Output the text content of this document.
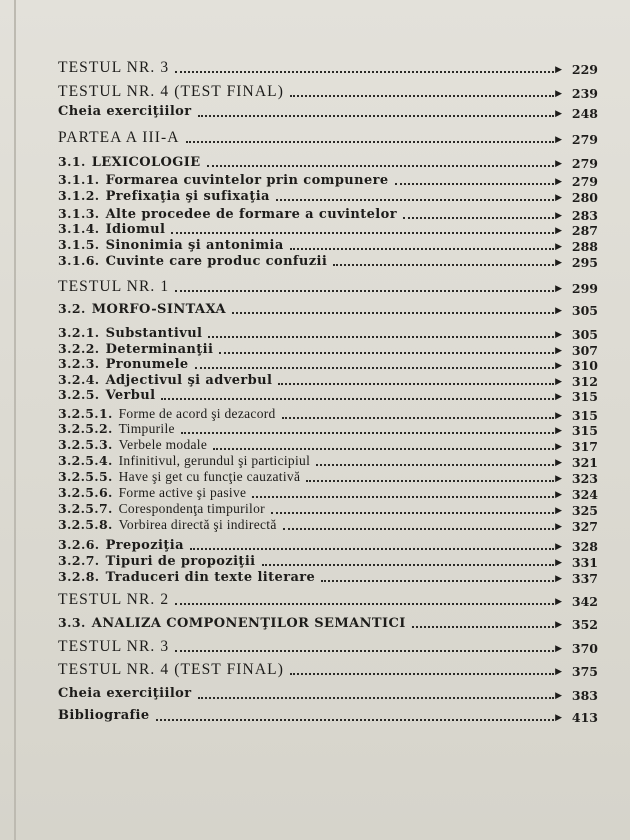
TESTUL NR. 3	▶ 229
TESTUL NR. 4 (TEST FINAL)	▶ 239
Cheia exerciţiilor	▶ 248
PARTEA A III-A	▶ 279
3.1. LEXICOLOGIE	▶ 279
3.1.1. Formarea cuvintelor prin compunere	▶ 279
3.1.2. Prefixaţia şi sufixaţia	▶ 280
3.1.3. Alte procedee de formare a cuvintelor	▶ 283
3.1.4. Idiomul	▶ 287
3.1.5. Sinonimia şi antonimia	▶ 288
3.1.6. Cuvinte care produc confuzii	▶ 295
TESTUL NR. 1	▶ 299
3.2. MORFO-SINTAXA	▶ 305
3.2.1. Substantivul	▶ 305
3.2.2. Determinanţii	▶ 307
3.2.3. Pronumele	▶ 310
3.2.4. Adjectivul şi adverbul	▶ 312
3.2.5. Verbul	▶ 315
3.2.5.1. Forme de acord şi dezacord	▶ 315
3.2.5.2. Timpurile	▶ 315
3.2.5.3. Verbele modale	▶ 317
3.2.5.4. Infinitivul, gerundul şi participiul	▶ 321
3.2.5.5. Have şi get cu funcţie cauzativă	▶ 323
3.2.5.6. Forme active şi pasive	▶ 324
3.2.5.7. Corespondenţa timpurilor	▶ 325
3.2.5.8. Vorbirea directă şi indirectă	▶ 327
3.2.6. Prepoziţia	▶ 328
3.2.7. Tipuri de propoziţii	▶ 331
3.2.8. Traduceri din texte literare	▶ 337
TESTUL NR. 2	▶ 342
3.3. ANALIZA COMPONENŢILOR SEMANTICI	▶ 352
TESTUL NR. 3	▶ 370
TESTUL NR. 4 (TEST FINAL)	▶ 375
Cheia exerciţiilor	▶ 383
Bibliografie	▶ 413
